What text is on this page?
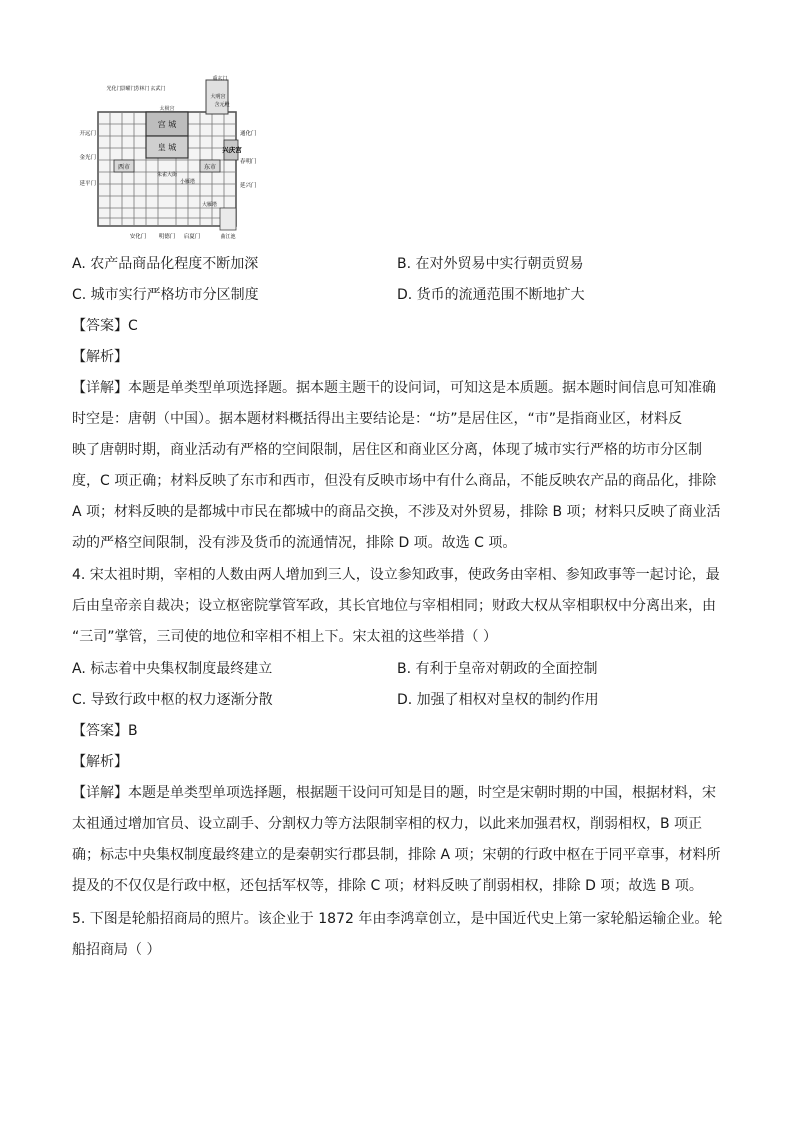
宫 城
皇 城
太极宫
重玄门
大明宫
含元殿
西市	东市
兴庆宫
朱雀大街
小雁塔
大雁塔
曲江池
光化门
景曜门
芳林门 玄武门
开远门
金光门
延平门
通化门
春明门
延兴门
安化门 明德门 启夏门
A. 农产品商品化程度不断加深	B. 在对外贸易中实行朝贡贸易
C. 城市实行严格坊市分区制度	D. 货币的流通范围不断地扩大
【答案】C
【解析】
【详解】本题是单类型单项选择题。据本题主题干的设问词，可知这是本质题。据本题时间信息可知准确
时空是：唐朝（中国）。据本题材料概括得出主要结论是：“坊”是居住区，“市”是指商业区，材料反
映了唐朝时期，商业活动有严格的空间限制，居住区和商业区分离，体现了城市实行严格的坊市分区制
度，C 项正确；材料反映了东市和西市，但没有反映市场中有什么商品，不能反映农产品的商品化，排除
A 项；材料反映的是都城中市民在都城中的商品交换，不涉及对外贸易，排除 B 项；材料只反映了商业活
动的严格空间限制，没有涉及货币的流通情况，排除 D 项。故选 C 项。
4. 宋太祖时期，宰相的人数由两人增加到三人，设立参知政事，使政务由宰相、参知政事等一起讨论，最
后由皇帝亲自裁决；设立枢密院掌管军政，其长官地位与宰相相同；财政大权从宰相职权中分离出来，由
“三司”掌管，三司使的地位和宰相不相上下。宋太祖的这些举措（ ）
A. 标志着中央集权制度最终建立	B. 有利于皇帝对朝政的全面控制
C. 导致行政中枢的权力逐渐分散	D. 加强了相权对皇权的制约作用
【答案】B
【解析】
【详解】本题是单类型单项选择题，根据题干设问可知是目的题，时空是宋朝时期的中国，根据材料，宋
太祖通过增加官员、设立副手、分割权力等方法限制宰相的权力，以此来加强君权，削弱相权，B 项正
确；标志中央集权制度最终建立的是秦朝实行郡县制，排除 A 项；宋朝的行政中枢在于同平章事，材料所
提及的不仅仅是行政中枢，还包括军权等，排除 C 项；材料反映了削弱相权，排除 D 项；故选 B 项。
5. 下图是轮船招商局的照片。该企业于 1872 年由李鸿章创立，是中国近代史上第一家轮船运输企业。轮
船招商局（ ）
